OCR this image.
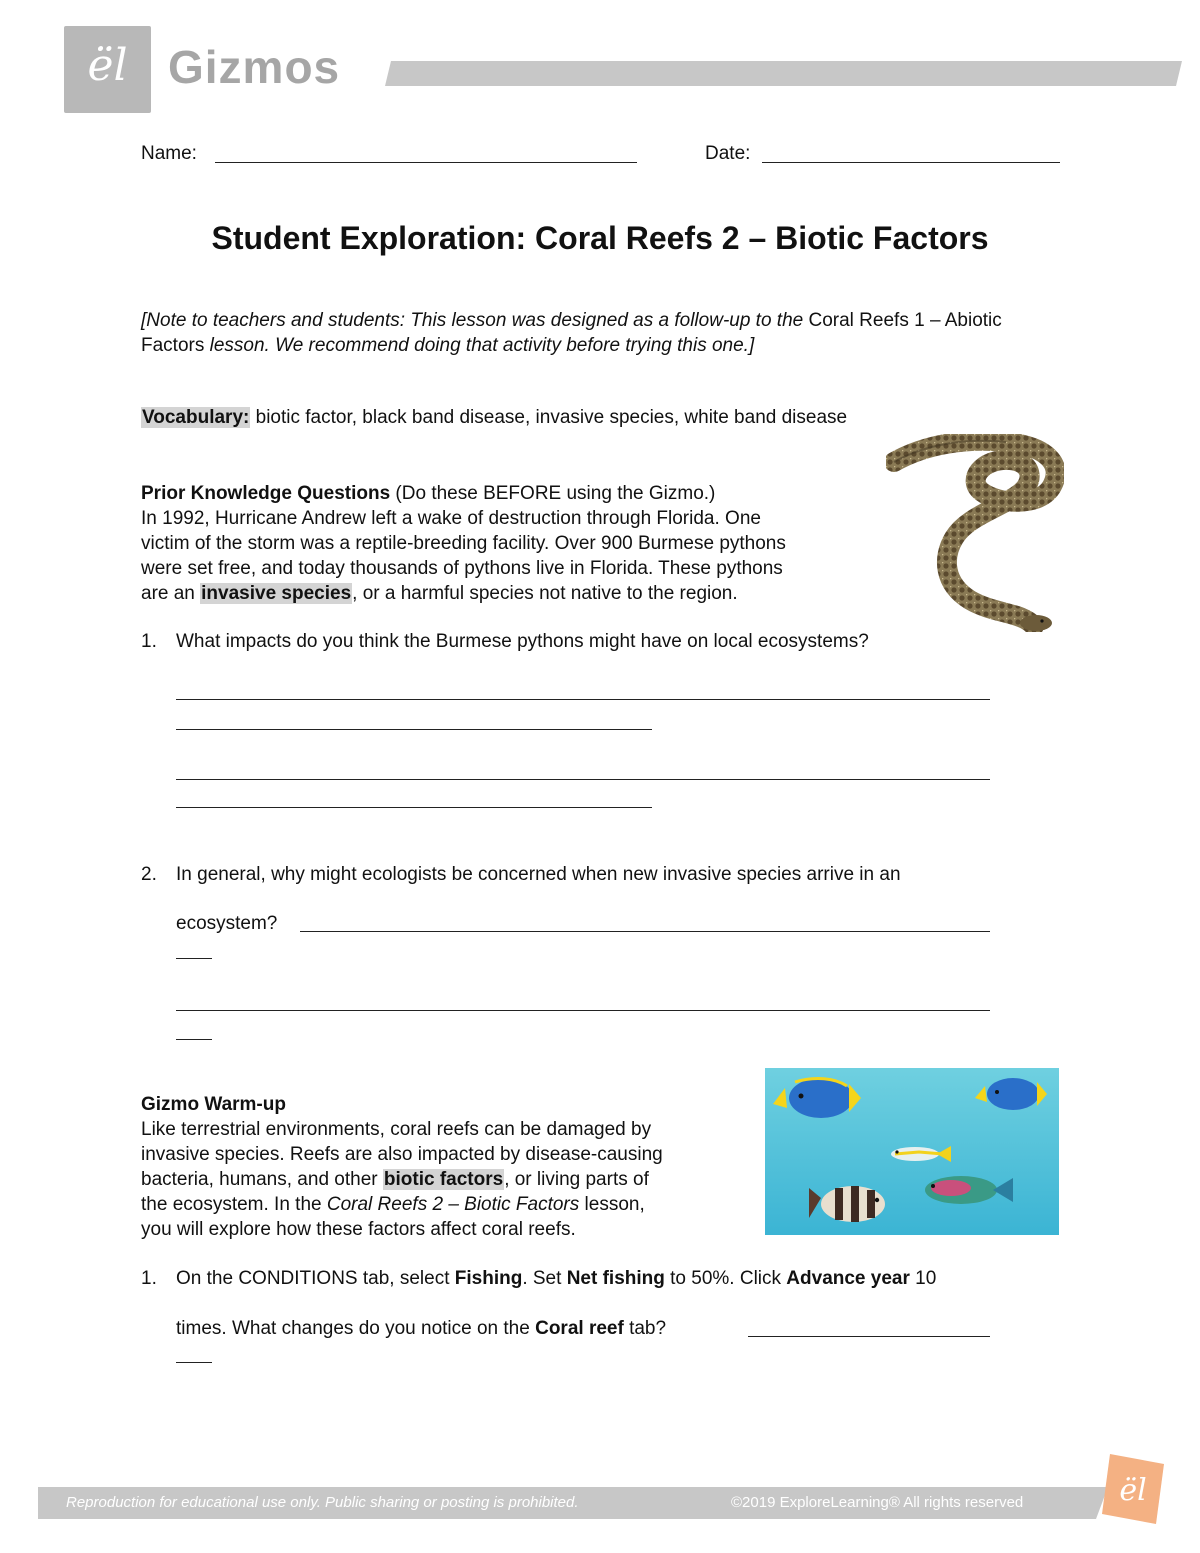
ël Gizmos
Name:	Date:
Student Exploration: Coral Reefs 2 – Biotic Factors
[Note to teachers and students: This lesson was designed as a follow-up to the Coral Reefs 1 – Abiotic Factors lesson. We recommend doing that activity before trying this one.]
Vocabulary: biotic factor, black band disease, invasive species, white band disease
Prior Knowledge Questions (Do these BEFORE using the Gizmo.)
In 1992, Hurricane Andrew left a wake of destruction through Florida. One
victim of the storm was a reptile-breeding facility. Over 900 Burmese pythons
were set free, and today thousands of pythons live in Florida. These pythons
are an invasive species, or a harmful species not native to the region.
1. What impacts do you think the Burmese pythons might have on local ecosystems?
2. In general, why might ecologists be concerned when new invasive species arrive in an
ecosystem?
Gizmo Warm-up
Like terrestrial environments, coral reefs can be damaged by
invasive species. Reefs are also impacted by disease-causing
bacteria, humans, and other biotic factors, or living parts of
the ecosystem. In the Coral Reefs 2 – Biotic Factors lesson,
you will explore how these factors affect coral reefs.
1. On the CONDITIONS tab, select Fishing. Set Net fishing to 50%. Click Advance year 10
times. What changes do you notice on the Coral reef tab?
Reproduction for educational use only. Public sharing or posting is prohibited.	©2019 ExploreLearning® All rights reserved	ël
